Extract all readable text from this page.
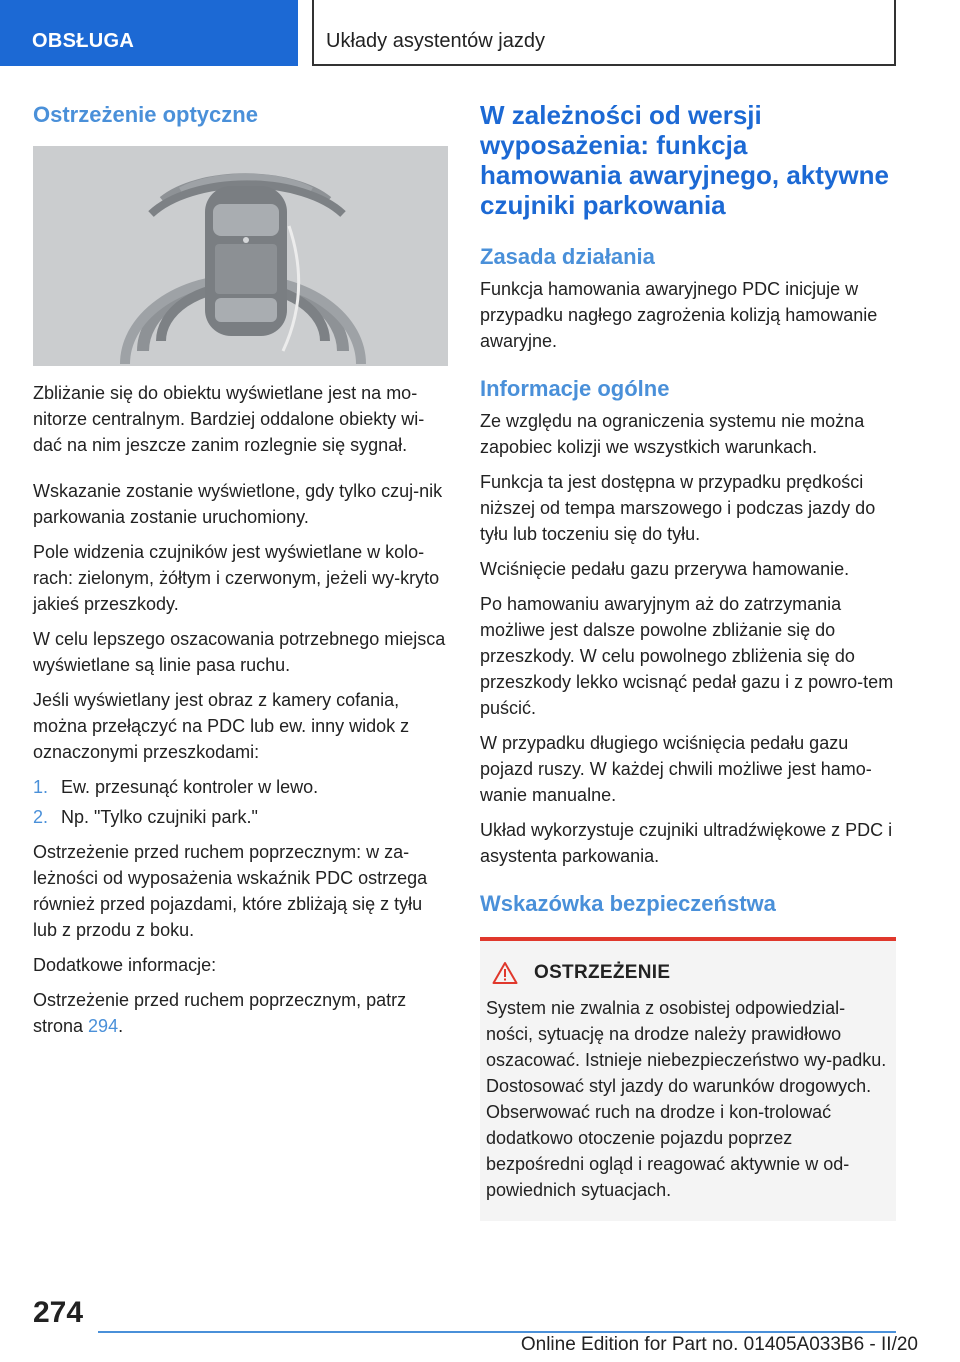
OBSŁUGA	Układy asystentów jazdy
Ostrzeżenie optyczne

Zbliżanie się do obiektu wyświetlane jest na mo-nitorze centralnym. Bardziej oddalone obiekty wi-dać na nim jeszcze zanim rozlegnie się sygnał.

Wskazanie zostanie wyświetlone, gdy tylko czuj-nik parkowania zostanie uruchomiony.

Pole widzenia czujników jest wyświetlane w kolo-rach: zielonym, żółtym i czerwonym, jeżeli wy-kryto jakieś przeszkody.

W celu lepszego oszacowania potrzebnego miejsca wyświetlane są linie pasa ruchu.

Jeśli wyświetlany jest obraz z kamery cofania, można przełączyć na PDC lub ew. inny widok z oznaczonymi przeszkodami:

1. Ew. przesunąć kontroler w lewo.
2. Np. "Tylko czujniki park."

Ostrzeżenie przed ruchem poprzecznym: w za-leżności od wyposażenia wskaźnik PDC ostrzega również przed pojazdami, które zbliżają się z tyłu lub z przodu z boku.

Dodatkowe informacje:

Ostrzeżenie przed ruchem poprzecznym, patrz strona 294.

W zależności od wersji wyposażenia: funkcja hamowania awaryjnego, aktywne czujniki parkowania
Zasada działania

Funkcja hamowania awaryjnego PDC inicjuje w przypadku nagłego zagrożenia kolizją hamowanie awaryjne.

Informacje ogólne

Ze względu na ograniczenia systemu nie można zapobiec kolizji we wszystkich warunkach.

Funkcja ta jest dostępna w przypadku prędkości niższej od tempa marszowego i podczas jazdy do tyłu lub toczeniu się do tyłu.

Wciśnięcie pedału gazu przerywa hamowanie.

Po hamowaniu awaryjnym aż do zatrzymania możliwe jest dalsze powolne zbliżanie się do przeszkody. W celu powolnego zbliżenia się do przeszkody lekko wcisnąć pedał gazu i z powro-tem puścić.

W przypadku długiego wciśnięcia pedału gazu pojazd ruszy. W każdej chwili możliwe jest hamo-wanie manualne.

Układ wykorzystuje czujniki ultradźwiękowe z PDC i asystenta parkowania.

Wskazówka bezpieczeństwa
OSTRZEŻENIE

System nie zwalnia z osobistej odpowiedzial-ności, sytuację na drodze należy prawidłowo oszacować. Istnieje niebezpieczeństwo wy-padku. Dostosować styl jazdy do warunków drogowych. Obserwować ruch na drodze i kon-trolować dodatkowo otoczenie pojazdu poprzez bezpośredni ogląd i reagować aktywnie w od-powiednich sytuacjach.

274
Online Edition for Part no. 01405A033B6 - II/20
